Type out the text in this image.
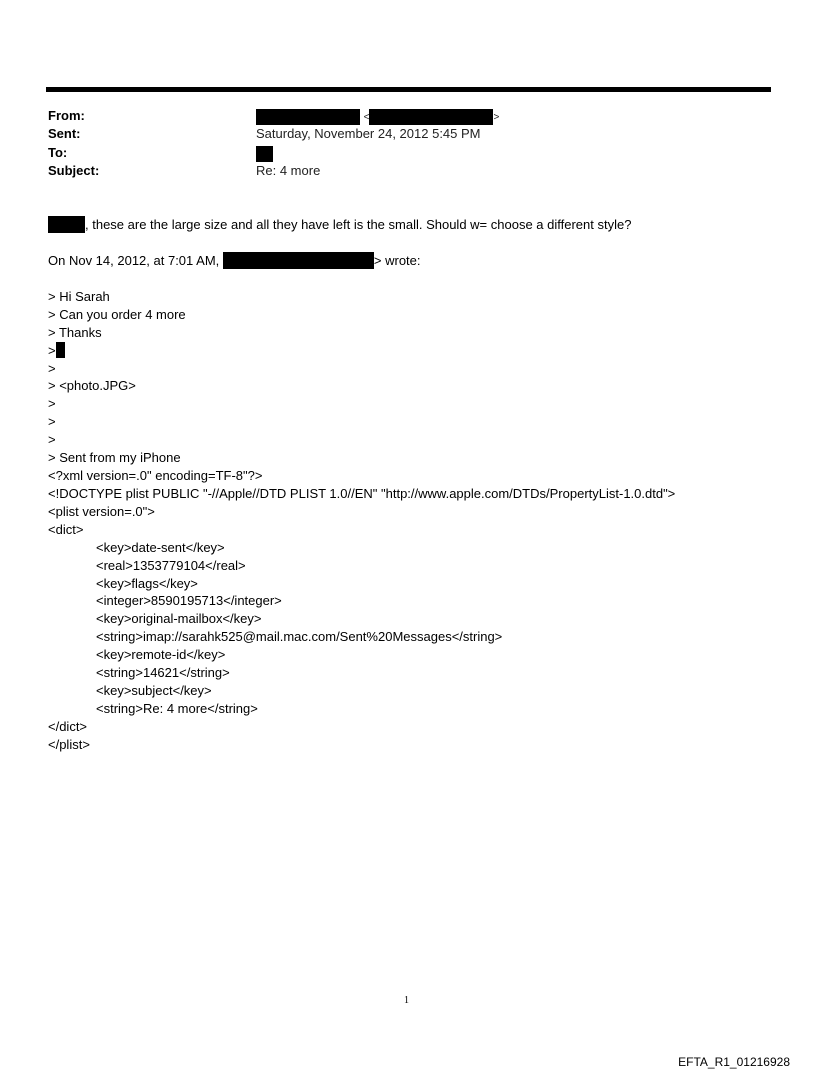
From:
Sent:
To:
Subject:
<	>
Saturday, November 24, 2012 5:45 PM
Re: 4 more
, these are the large size and all they have left is the small. Should w= choose a different style?
On Nov 14, 2012, at 7:01 AM,	> wrote:
> Hi Sarah
> Can you order 4 more
> Thanks
>
>
> <photo.JPG>
>
>
>
> Sent from my iPhone
<?xml version=.0" encoding=TF-8"?>
<!DOCTYPE plist PUBLIC "-//Apple//DTD PLIST 1.0//EN" "http://www.apple.com/DTDs/PropertyList-1.0.dtd">
<plist version=.0">
<dict>
<key>date-sent</key>
<real>1353779104</real>
<key>flags</key>
<integer>8590195713</integer>
<key>original-mailbox</key>
<string>imap://sarahk525@mail.mac.com/Sent%20Messages</string>
<key>remote-id</key>
<string>14621</string>
<key>subject</key>
<string>Re: 4 more</string>
</dict>
</plist>
1
EFTA_R1_01216928
